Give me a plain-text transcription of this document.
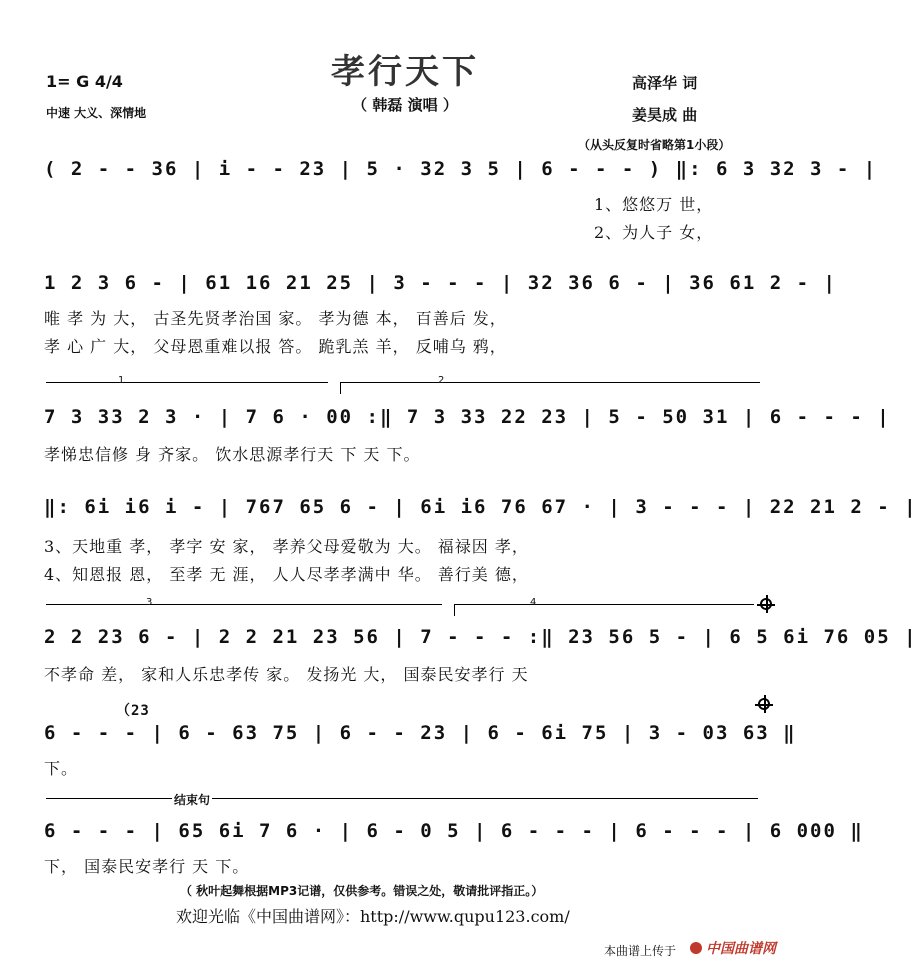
孝行天下
（ 韩磊 演唱 ）
1= G 4/4
中速 大义、深情地
高泽华 词
姜昊成 曲
（从头反复时省略第1小段）
( 2 - - 36 | i - - 23 | 5 · 32 3 5 | 6 - - - ) ‖: 6 3 32 3 - |
1、悠悠万 世，
2、为人子 女，
1 2 3 6 - | 61 16 21 25 | 3 - - - | 32 36 6 - | 36 61 2 - |
唯 孝 为 大， 古圣先贤孝治国 家。 孝为德 本， 百善后 发，
孝 心 广 大， 父母恩重难以报 答。 跪乳羔 羊， 反哺乌 鸦，
1	2
7 3 33 2 3 · | 7 6 · 00 :‖ 7 3 33 22 23 | 5 - 50 31 | 6 - - - |
孝悌忠信修 身 齐家。 饮水思源孝行天 下 天 下。
‖: 6i i6 i - | 767 65 6 - | 6i i6 76 67 · | 3 - - - | 22 21 2 - |
3、天地重 孝， 孝字 安 家， 孝养父母爱敬为 大。 福禄因 孝，
4、知恩报 恩， 至孝 无 涯， 人人尽孝孝满中 华。 善行美 德，
3	4
2 2 23 6 - | 2 2 21 23 56 | 7 - - - :‖ 23 56 5 - | 6 5 6i 76 05 |
不孝命 差， 家和人乐忠孝传 家。 发扬光 大， 国泰民安孝行 天
（23
6 - - - | 6 - 63 75 | 6 - - 23 | 6 - 6i 75 | 3 - 03 63 ‖
下。
结束句
6 - - - | 65 6i 7 6 · | 6 - 0 5 | 6 - - - | 6 - - - | 6 000 ‖
下， 国泰民安孝行 天 下。
（ 秋叶起舞根据MP3记谱，仅供参考。错误之处，敬请批评指正。）
欢迎光临《中国曲谱网》：http://www.qupu123.com/
本曲谱上传于 中国曲谱网
